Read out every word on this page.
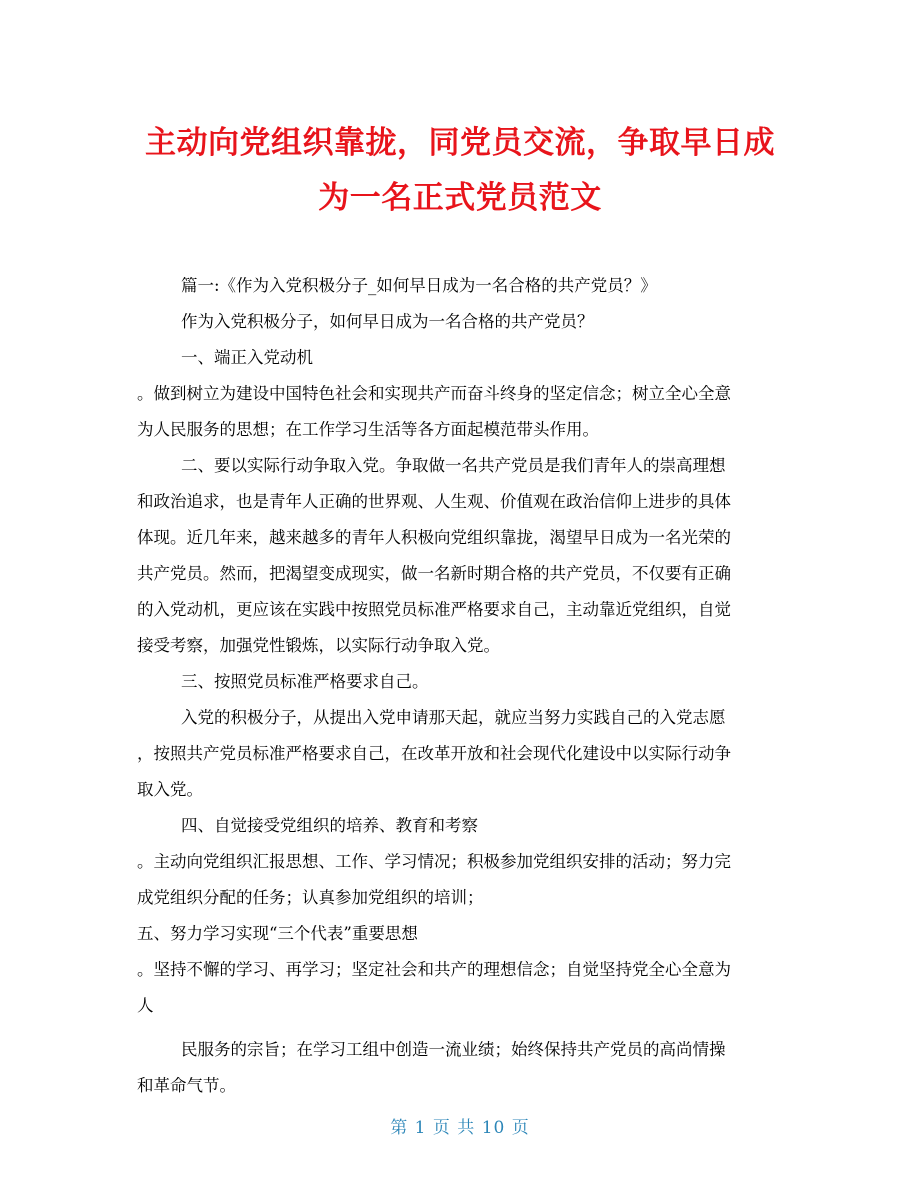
主动向党组织靠拢，同党员交流，争取早日成
为一名正式党员范文
篇一:《作为入党积极分子_如何早日成为一名合格的共产党员？》
作为入党积极分子，如何早日成为一名合格的共产党员？
一、端正入党动机
。做到树立为建设中国特色社会和实现共产而奋斗终身的坚定信念；树立全心全意
为人民服务的思想；在工作学习生活等各方面起模范带头作用。
二、要以实际行动争取入党。争取做一名共产党员是我们青年人的崇高理想
和政治追求，也是青年人正确的世界观、人生观、价值观在政治信仰上进步的具体
体现。近几年来，越来越多的青年人积极向党组织靠拢，渴望早日成为一名光荣的
共产党员。然而，把渴望变成现实，做一名新时期合格的共产党员，不仅要有正确
的入党动机，更应该在实践中按照党员标准严格要求自己，主动靠近党组织，自觉
接受考察，加强党性锻炼，以实际行动争取入党。
三、按照党员标准严格要求自己。
入党的积极分子，从提出入党申请那天起，就应当努力实践自己的入党志愿
，按照共产党员标准严格要求自己，在改革开放和社会现代化建设中以实际行动争
取入党。
四、自觉接受党组织的培养、教育和考察
。主动向党组织汇报思想、工作、学习情况；积极参加党组织安排的活动；努力完
成党组织分配的任务；认真参加党组织的培训；
五、努力学习实现“三个代表”重要思想
。坚持不懈的学习、再学习；坚定社会和共产的理想信念；自觉坚持党全心全意为
人
民服务的宗旨；在学习工组中创造一流业绩；始终保持共产党员的高尚情操
和革命气节。
第 1 页 共 10 页
